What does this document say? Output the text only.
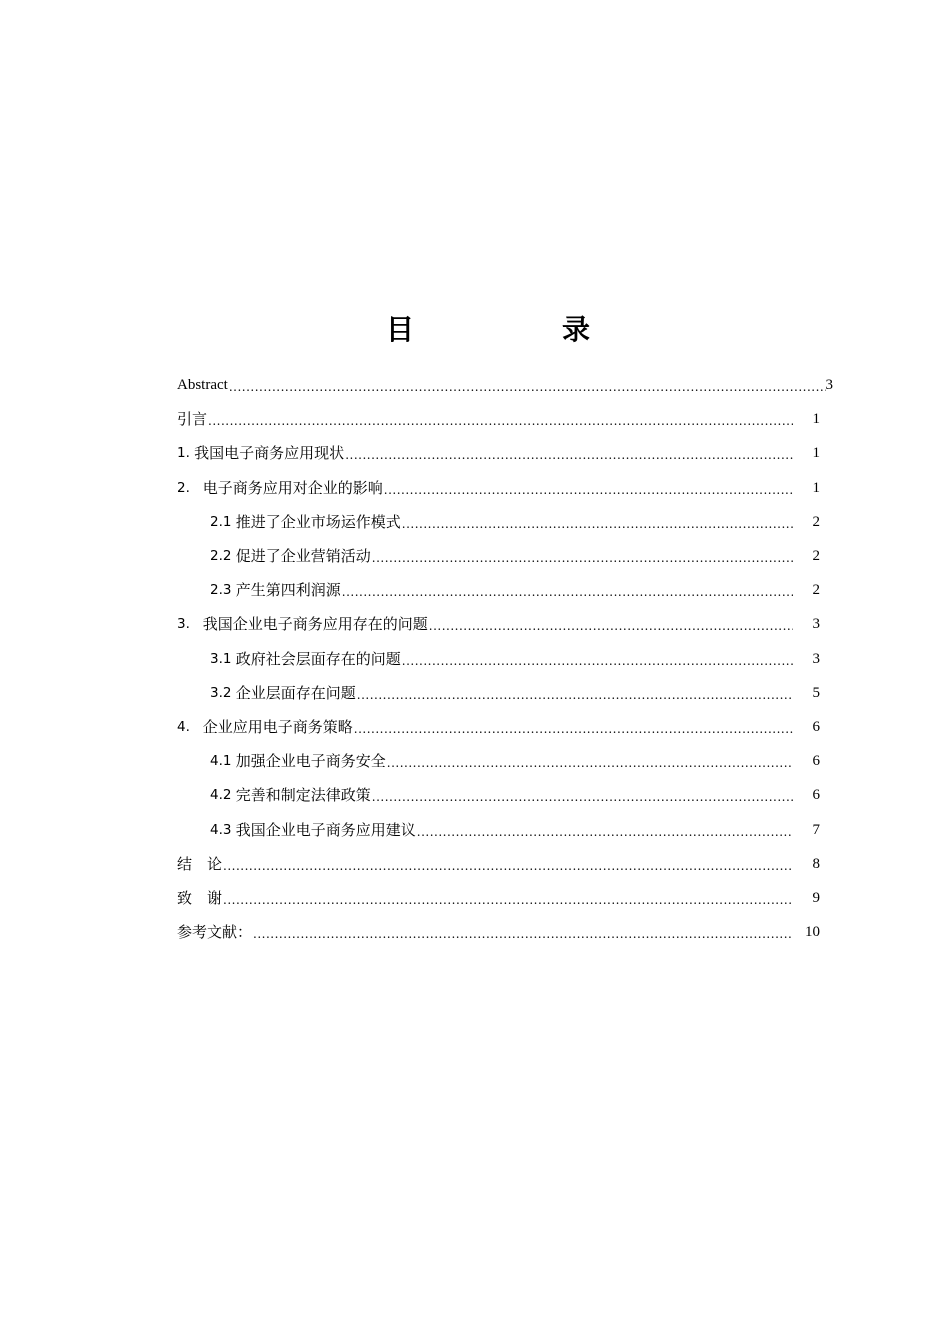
目　录
Abstract .....	3
引言 .....	1
1. 我国电子商务应用现状 .....	1
2. 电子商务应用对企业的影响 .....	1
2.1 推进了企业市场运作模式 .....	2
2.2 促进了企业营销活动 .....	2
2.3 产生第四利润源 .....	2
3. 我国企业电子商务应用存在的问题 .....	3
3.1 政府社会层面存在的问题 .....	3
3.2 企业层面存在问题 .....	5
4. 企业应用电子商务策略 .....	6
4.1 加强企业电子商务安全 .....	6
4.2 完善和制定法律政策 .....	6
4.3 我国企业电子商务应用建议 .....	7
结　论 .....	8
致　谢 .....	9
参考文献： .....	10
